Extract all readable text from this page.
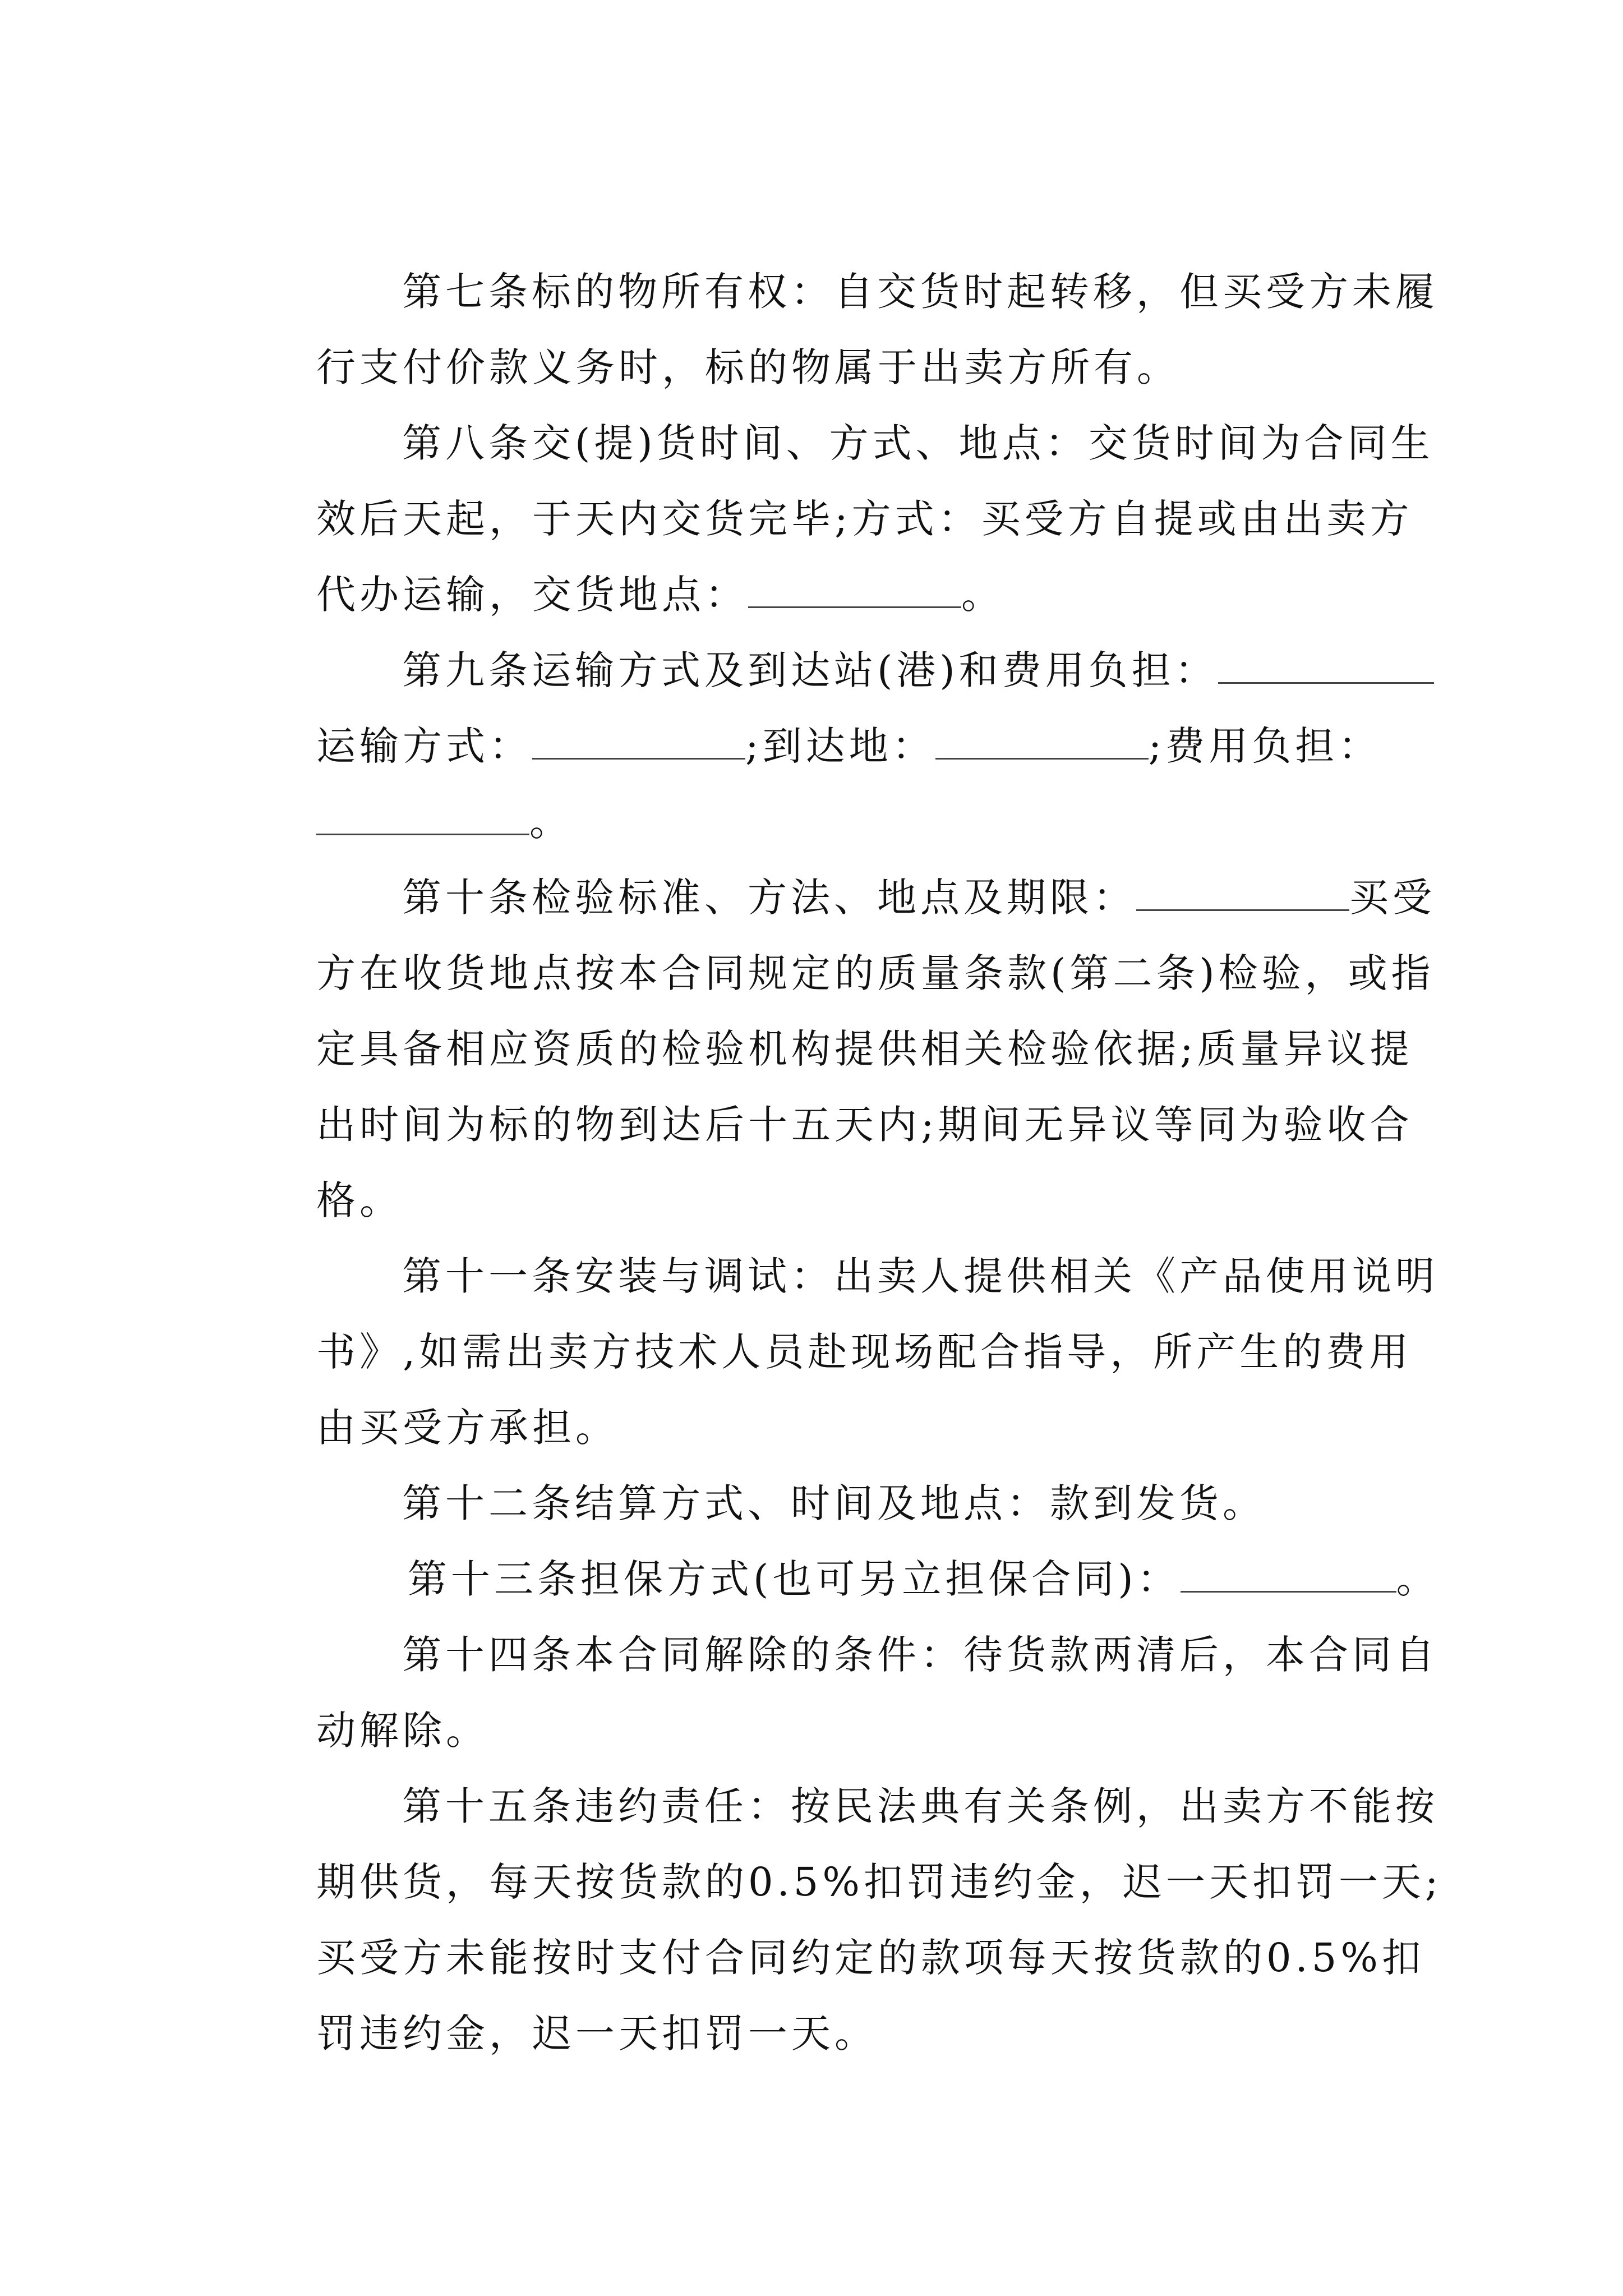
第七条标的物所有权：自交货时起转移，但买受方未履

行支付价款义务时，标的物属于出卖方所有。

第八条交(提)货时间、方式、地点：交货时间为合同生

效后天起，于天内交货完毕;方式：买受方自提或由出卖方

代办运输，交货地点：	。

第九条运输方式及到达站(港)和费用负担：

运输方式：	;到达地：	;费用负担：

。

第十条检验标准、方法、地点及期限：	买受

方在收货地点按本合同规定的质量条款(第二条)检验，或指

定具备相应资质的检验机构提供相关检验依据;质量异议提

出时间为标的物到达后十五天内;期间无异议等同为验收合

格。

第十一条安装与调试：出卖人提供相关《产品使用说明

书》,如需出卖方技术人员赴现场配合指导，所产生的费用

由买受方承担。

第十二条结算方式、时间及地点：款到发货。

第十三条担保方式(也可另立担保合同)：	。

第十四条本合同解除的条件：待货款两清后，本合同自

动解除。

第十五条违约责任：按民法典有关条例，出卖方不能按

期供货，每天按货款的0.5%扣罚违约金，迟一天扣罚一天;

买受方未能按时支付合同约定的款项每天按货款的0.5%扣

罚违约金，迟一天扣罚一天。
